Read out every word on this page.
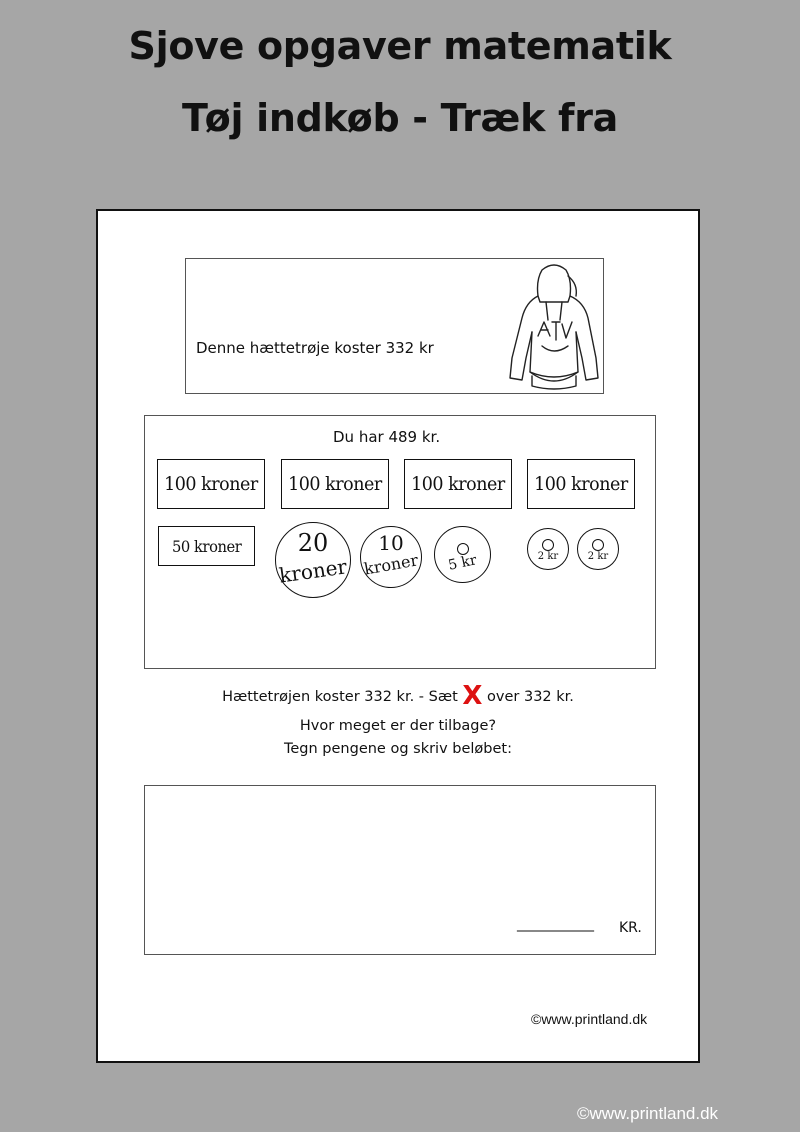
Sjove opgaver matematik
Tøj indkøb - Træk fra
Denne hættetrøje koster 332 kr
Du har 489 kr.
100 kroner 100 kroner 100 kroner 100 kroner
50 kroner	20
kroner
10
kroner	5 kr	2 kr	2 kr
Hættetrøjen koster 332 kr. - Sæt X over 332 kr.
Hvor meget er der tilbage?
Tegn pengene og skriv beløbet:
___________ KR.
©www.printland.dk
©www.printland.dk
